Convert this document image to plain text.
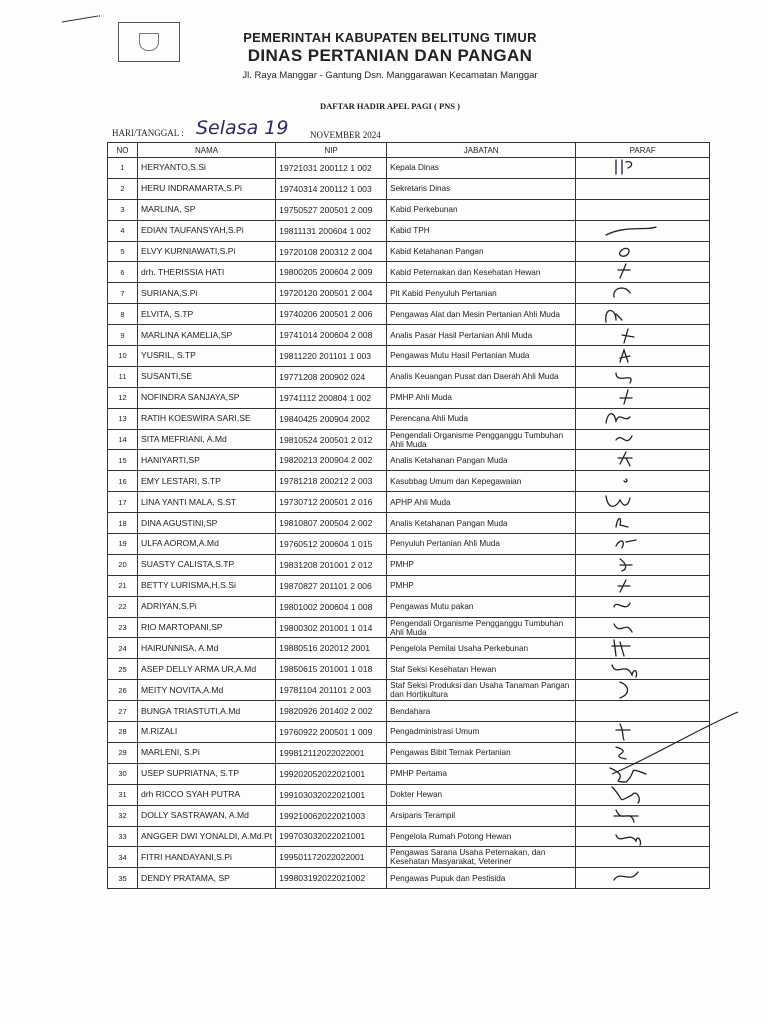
PEMERINTAH KABUPATEN BELITUNG TIMUR
DINAS PERTANIAN DAN PANGAN
Jl. Raya Manggar - Gantung Dsn. Manggarawan Kecamatan Manggar
DAFTAR HADIR APEL PAGI ( PNS )
HARI/TANGGAL : Selasa 19 NOVEMBER 2024
NO	NAMA	NIP	JABATAN	PARAF
1	HERYANTO,S.Si	19721031 200112 1 002	Kepala Dinas	

2	HERU INDRAMARTA,S.Pi	19740314 200112 1 003	Sekretaris Dinas	
3	MARLINA, SP	19750527 200501 2 009	Kabid Perkebunan	
4	EDIAN TAUFANSYAH,S.Pi	19811131 200604 1 002	Kabid TPH	

5	ELVY KURNIAWATI,S.Pi	19720108 200312 2 004	Kabid Ketahanan Pangan	

6	drh. THERISSIA HATI	19800205 200604 2 009	Kabid Peternakan dan Kesehatan Hewan	

7	SURIANA,S.Pi	19720120 200501 2 004	Plt Kabid Penyuluh Pertanian	

8	ELVITA, S.TP	19740206 200501 2 006	Pengawas Alat dan Mesin Pertanian Ahli Muda	

9	MARLINA KAMELIA,SP	19741014 200604 2 008	Analis Pasar Hasil Pertanian Ahli Muda	

10	YUSRIL, S.TP	19811220 201101 1 003	Pengawas Mutu Hasil Pertanian Muda	

11	SUSANTI,SE	19771208 200902 024	Analis Keuangan Pusat dan Daerah Ahli Muda	

12	NOFINDRA SANJAYA,SP	19741112 200804 1 002	PMHP Ahli Muda	

13	RATIH KOESWIRA SARI,SE	19840425 200904 2002	Perencana Ahli Muda	

14	SITA MEFRIANI, A.Md	19810524 200501 2 012	Pengendali Organisme Pengganggu Tumbuhan Ahli Muda	

15	HANIYARTI,SP	19820213 200904 2 002	Analis Ketahanan Pangan Muda	

16	EMY LESTARI, S.TP	19781218 200212 2 003	Kasubbag Umum dan Kepegawaian	

17	LINA YANTI MALA, S.ST	19730712 200501 2 016	APHP Ahli Muda	

18	DINA AGUSTINI,SP	19810807 200504 2 002	Analis Ketahanan Pangan Muda	

19	ULFA AOROM,A.Md	19760512 200604 1 015	Penyuluh Pertanian Ahli Muda	

20	SUASTY CALISTA,S.TP	19831208 201001 2 012	PMHP	

21	BETTY LURISMA,H,S.Si	19870827 201101 2 006	PMHP	

22	ADRIYAN,S.Pi	19801002 200604 1 008	Pengawas Mutu pakan	

23	RIO MARTOPANI,SP	19800302 201001 1 014	Pengendali Organisme Pengganggu Tumbuhan Ahli Muda	

24	HAIRUNNISA, A.Md	19880516 202012 2001	Pengelola Pemilai Usaha Perkebunan	

25	ASEP DELLY ARMA UR,A.Md	19850615 201001 1 018	Staf Seksi Kesehatan Hewan	

26	MEITY NOVITA,A.Md	19781104 201101 2 003	Staf Seksi Produksi dan Usaha Tanaman Pangan dan Hortikultura	

27	BUNGA TRIASTUTI,A.Md	19820926 201402 2 002	Bendahara	
28	M.RIZALI	19760922 200501 1 009	Pengadministrasi Umum	

29	MARLENI, S.Pi	199812112022022001	Pengawas Bibit Ternak Pertanian	

30	USEP SUPRIATNA, S.TP	199202052022021001	PMHP Pertama	

31	drh RICCO SYAH PUTRA	199103032022021001	Dokter Hewan	

32	DOLLY SASTRAWAN, A.Md	199210062022021003	Arsiparis Terampil	

33	ANGGER DWI YONALDI, A.Md.Pt	199703032022021001	Pengelola Rumah Potong Hewan	

34	FITRI HANDAYANI,S.Pi	199501172022022001	Pengawas Sarana Usaha Peternakan, dan Kesehatan Masyarakat, Veteriner	
35	DENDY PRATAMA, SP	199803192022021002	Pengawas Pupuk dan Pestisida	
